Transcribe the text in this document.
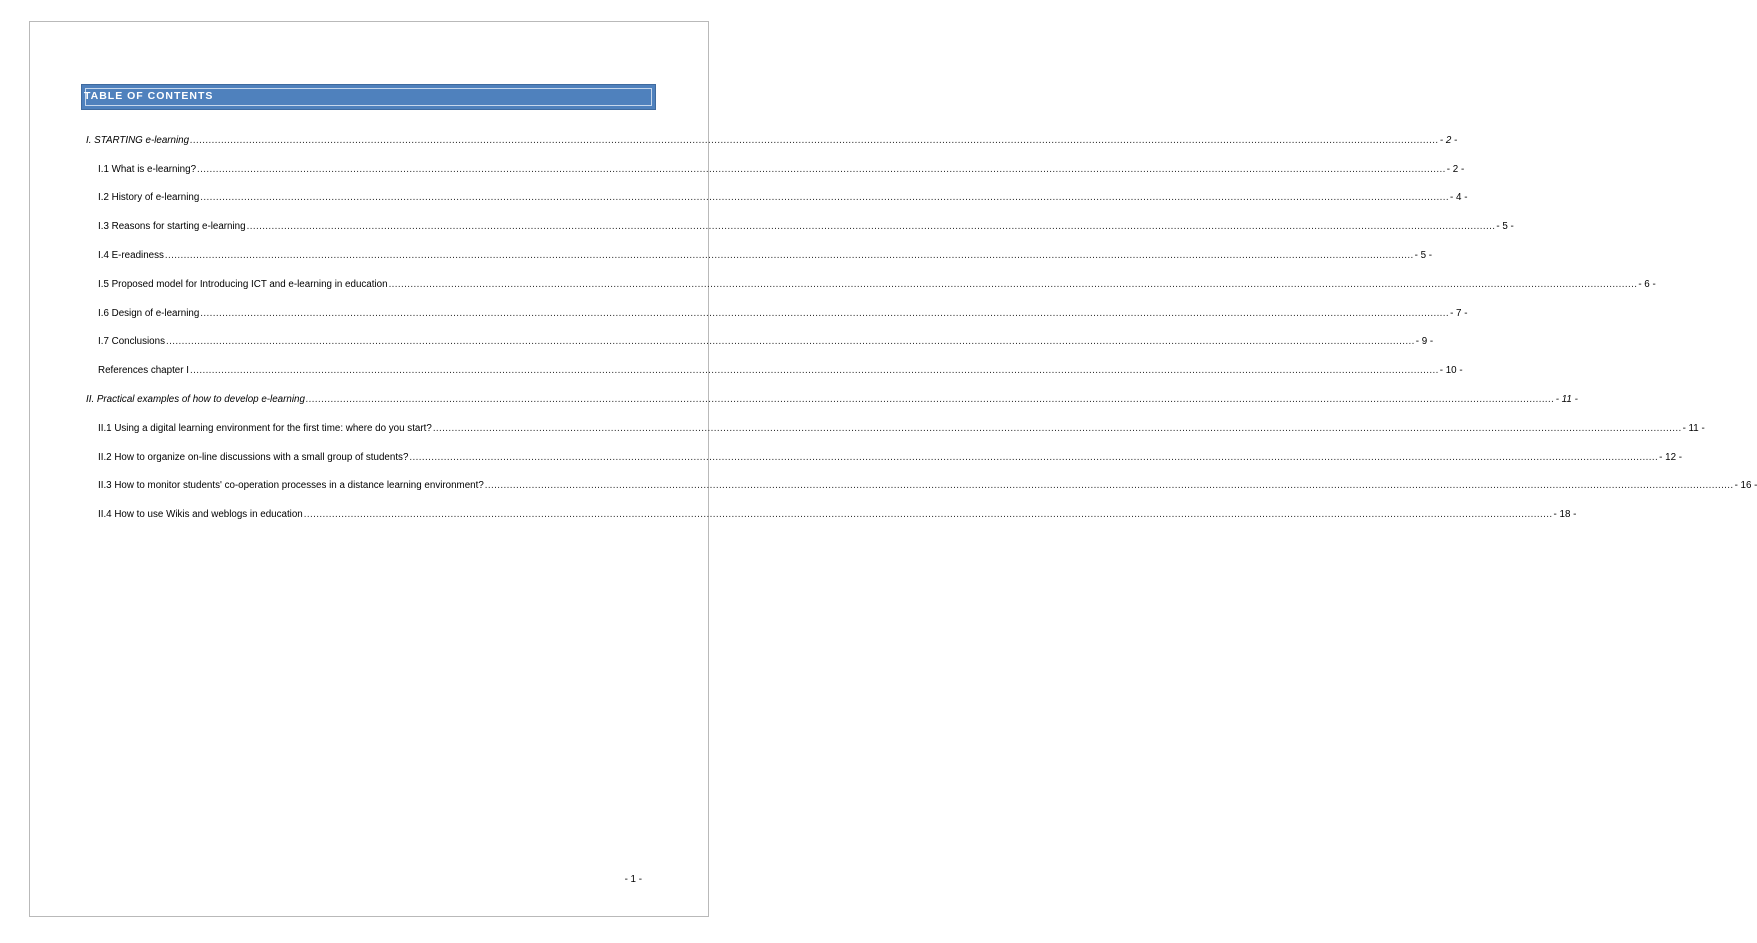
TABLE OF CONTENTS
I. STARTING e-learning ................................................................................................................................................................................................................................................................................................................................................................................................................ - 2 -
I.1 What is e-learning? ................................................................................................................................................................................................................................................................................................................................................................................................................ - 2 -
I.2 History of e-learning ................................................................................................................................................................................................................................................................................................................................................................................................................ - 4 -
I.3 Reasons for starting e-learning ................................................................................................................................................................................................................................................................................................................................................................................................................ - 5 -
I.4 E-readiness ................................................................................................................................................................................................................................................................................................................................................................................................................ - 5 -
I.5 Proposed model for Introducing ICT and e-learning in education ................................................................................................................................................................................................................................................................................................................................................................................................................ - 6 -
I.6 Design of e-learning ................................................................................................................................................................................................................................................................................................................................................................................................................ - 7 -
I.7 Conclusions ................................................................................................................................................................................................................................................................................................................................................................................................................ - 9 -
References chapter I ................................................................................................................................................................................................................................................................................................................................................................................................................ - 10 -
II. Practical examples of how to develop e-learning ................................................................................................................................................................................................................................................................................................................................................................................................................ - 11 -
II.1 Using a digital learning environment for the first time: where do you start? ................................................................................................................................................................................................................................................................................................................................................................................................................ - 11 -
II.2 How to organize on-line discussions with a small group of students? ................................................................................................................................................................................................................................................................................................................................................................................................................ - 12 -
II.3 How to monitor students' co-operation processes in a distance learning environment? ................................................................................................................................................................................................................................................................................................................................................................................................................ - 16 -
II.4 How to use Wikis and weblogs in education ................................................................................................................................................................................................................................................................................................................................................................................................................ - 18 -
- 1 -
